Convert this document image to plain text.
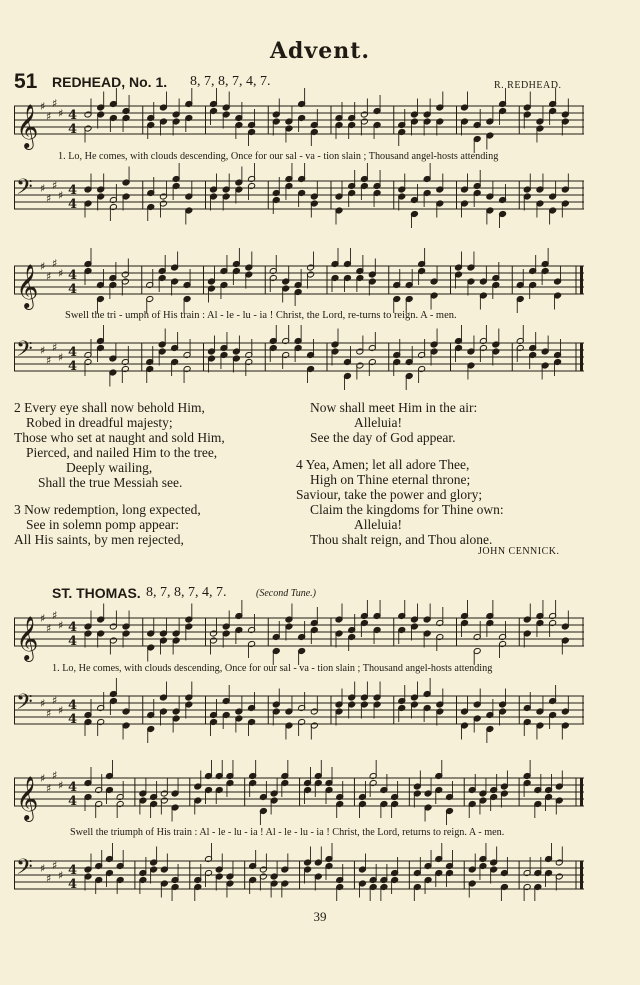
Advent.
51 REDHEAD, No. 1. 8, 7, 8, 7, 4, 7.	R. REDHEAD.
𝄞 ♯
♯
♯
♯ 4
4
1. Lo, He comes, with clouds descending, Once for our sal - va - tion slain ; Thousand angel-hosts attending
𝄢 ♯
♯
♯
♯ 4
4
𝄞 ♯
♯
♯
♯ 4
4
Swell the tri - umph of His train : Al - le - lu - ia ! Christ, the Lord, re-turns to reign. A - men.
𝄢 ♯
♯
♯
♯ 4
4
2 Every eye shall now behold Him,
Robed in dreadful majesty;
Those who set at naught and sold Him,
Pierced, and nailed Him to the tree,
Deeply wailing,
Shall the true Messiah see.
3 Now redemption, long expected,
See in solemn pomp appear:
All His saints, by men rejected,
Now shall meet Him in the air:
Alleluia!
See the day of God appear.
4 Yea, Amen; let all adore Thee,
High on Thine eternal throne;
Saviour, take the power and glory;
Claim the kingdoms for Thine own:
Alleluia!
Thou shalt reign, and Thou alone.
JOHN CENNICK.
ST. THOMAS. 8, 7, 8, 7, 4, 7.	(Second Tune.)
𝄞 ♯
♯
♯
♯ 4
4
1. Lo, He comes, with clouds descending, Once for our sal - va - tion slain ; Thousand angel-hosts attending
𝄢 ♯
♯
♯
♯ 4
4
𝄞 ♯
♯
♯
♯ 4
4
Swell the triumph of His train : Al - le - lu - ia ! Al - le - lu - ia ! Christ, the Lord, returns to reign. A - men.
𝄢 ♯
♯
♯
♯ 4
4
39
